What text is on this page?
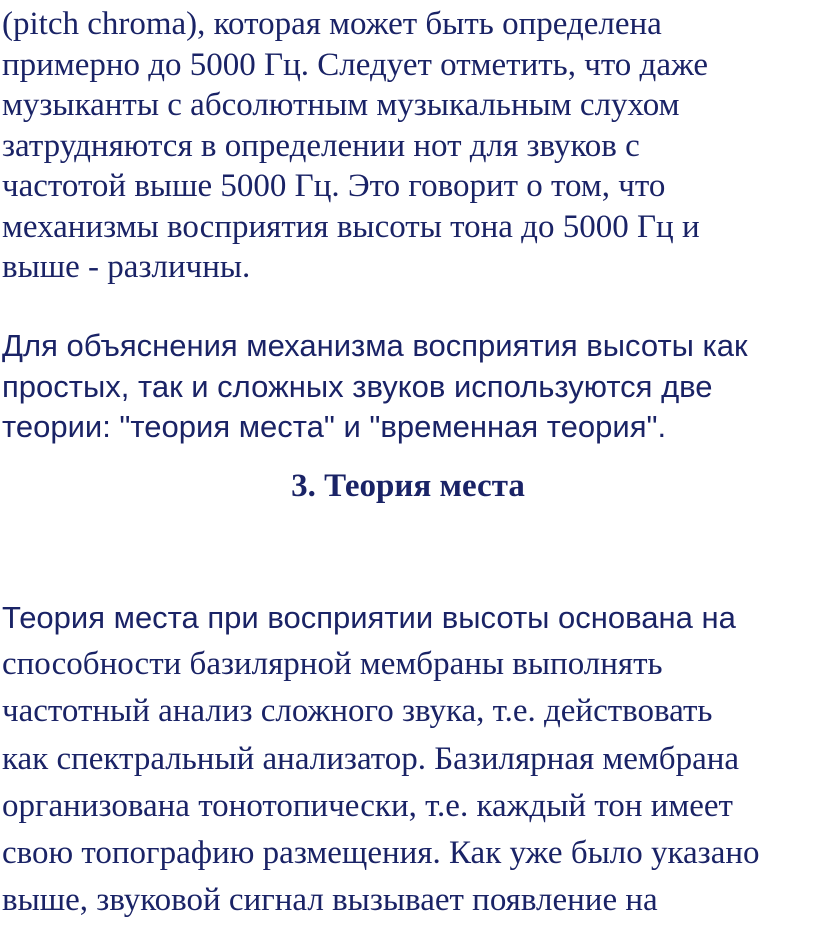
(pitch chroma), которая может быть определена
примерно до 5000 Гц. Следует отметить, что даже
музыканты с абсолютным музыкальным слухом
затрудняются в определении нот для звуков с
частотой выше 5000 Гц. Это говорит о том, что
механизмы восприятия высоты тона до 5000 Гц и
выше - различны.

Для объяснения механизма восприятия высоты как
простых, так и сложных звуков используются две
теории: "теория места" и "временная теория".

3. Теория места

Теория места при восприятии высоты основана на
способности базилярной мембраны выполнять
частотный анализ сложного звука, т.е. действовать
как спектральный анализатор. Базилярная мембрана
организована тонотопически, т.е. каждый тон имеет
свою топографию размещения. Как уже было указано
выше, звуковой сигнал вызывает появление на
